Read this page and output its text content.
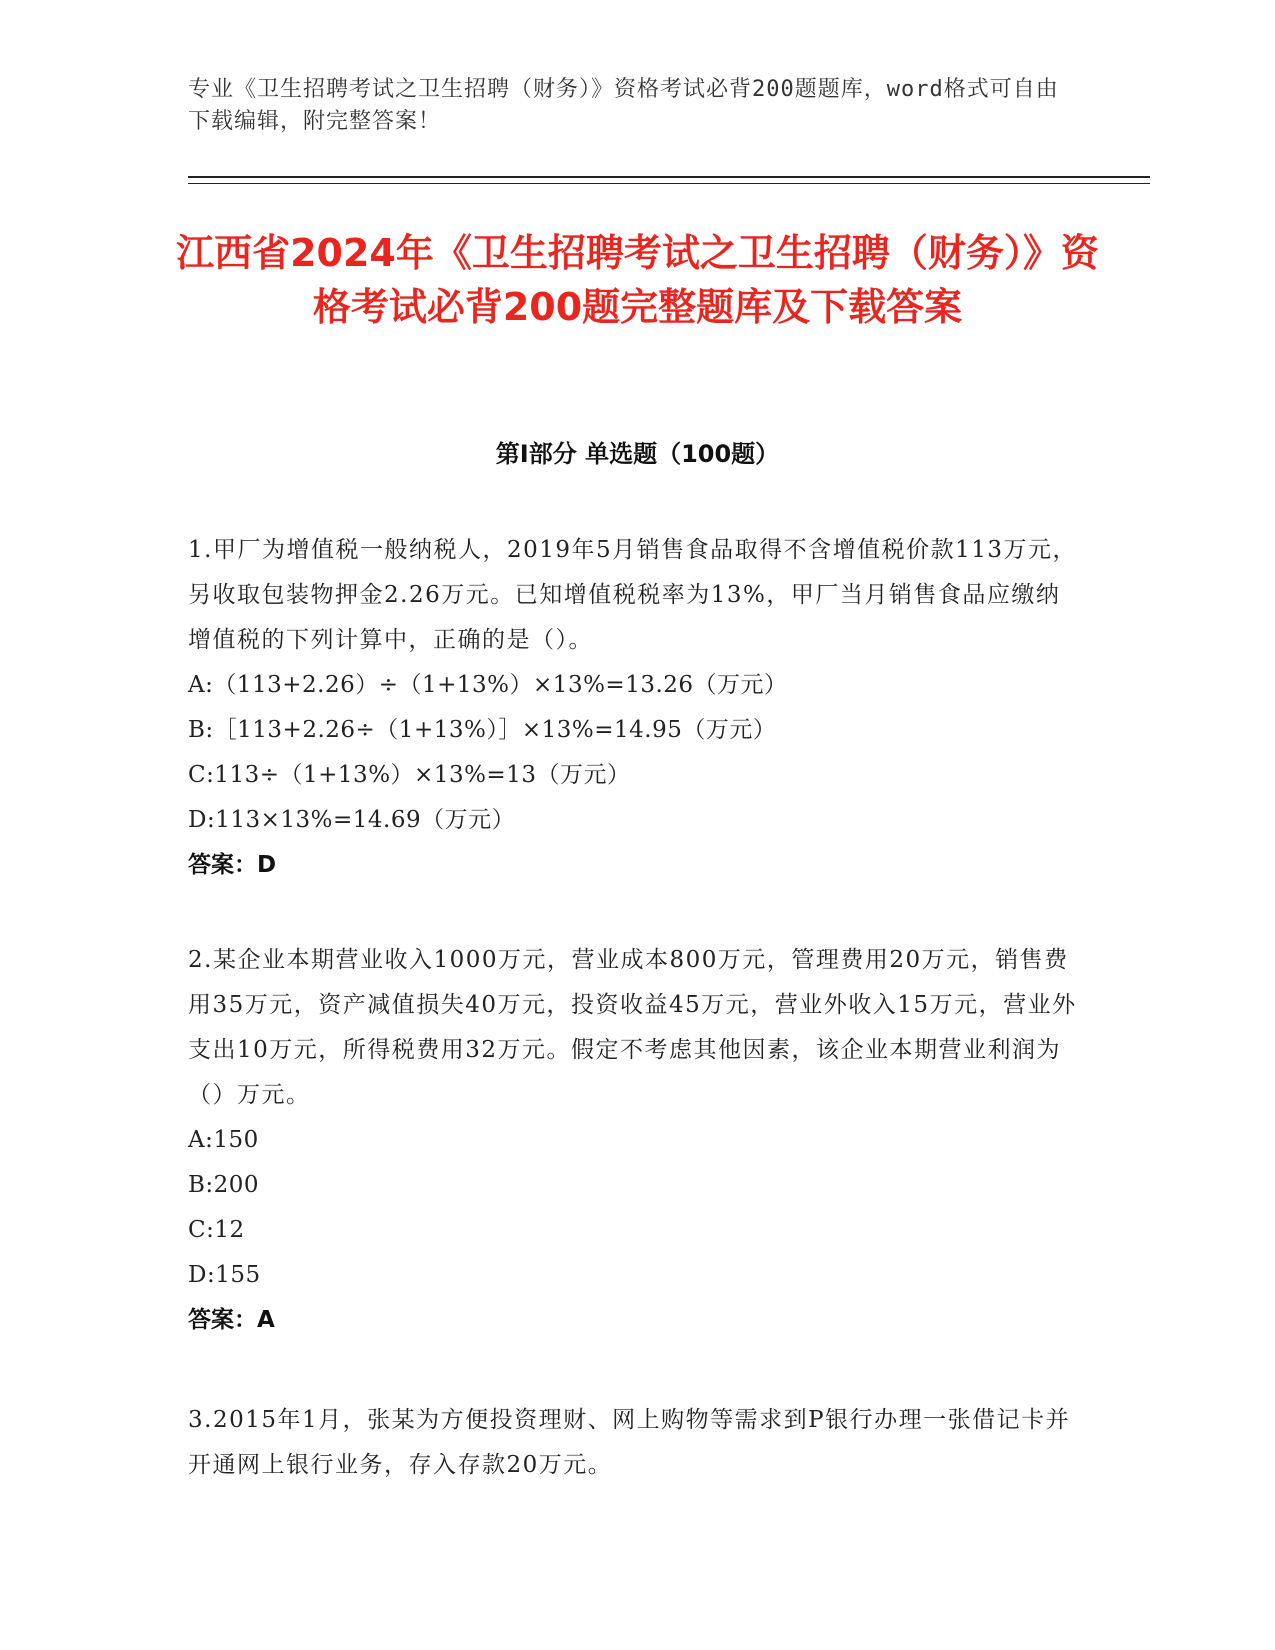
专业《卫生招聘考试之卫生招聘（财务）》资格考试必背200题题库，word格式可自由下载编辑，附完整答案！
江西省2024年《卫生招聘考试之卫生招聘（财务）》资格考试必背200题完整题库及下载答案
第I部分 单选题（100题）
1.甲厂为增值税一般纳税人，2019年5月销售食品取得不含增值税价款113万元，另收取包装物押金2.26万元。已知增值税税率为13%，甲厂当月销售食品应缴纳增值税的下列计算中，正确的是（）。
A:（113+2.26）÷（1+13%）×13%=13.26（万元）
B:［113+2.26÷（1+13%）］×13%=14.95（万元）
C:113÷（1+13%）×13%=13（万元）
D:113×13%=14.69（万元）
答案：D
2.某企业本期营业收入1000万元，营业成本800万元，管理费用20万元，销售费用35万元，资产减值损失40万元，投资收益45万元，营业外收入15万元，营业外支出10万元，所得税费用32万元。假定不考虑其他因素，该企业本期营业利润为（）万元。
A:150
B:200
C:12
D:155
答案：A
3.2015年1月，张某为方便投资理财、网上购物等需求到P银行办理一张借记卡并开通网上银行业务，存入存款20万元。
